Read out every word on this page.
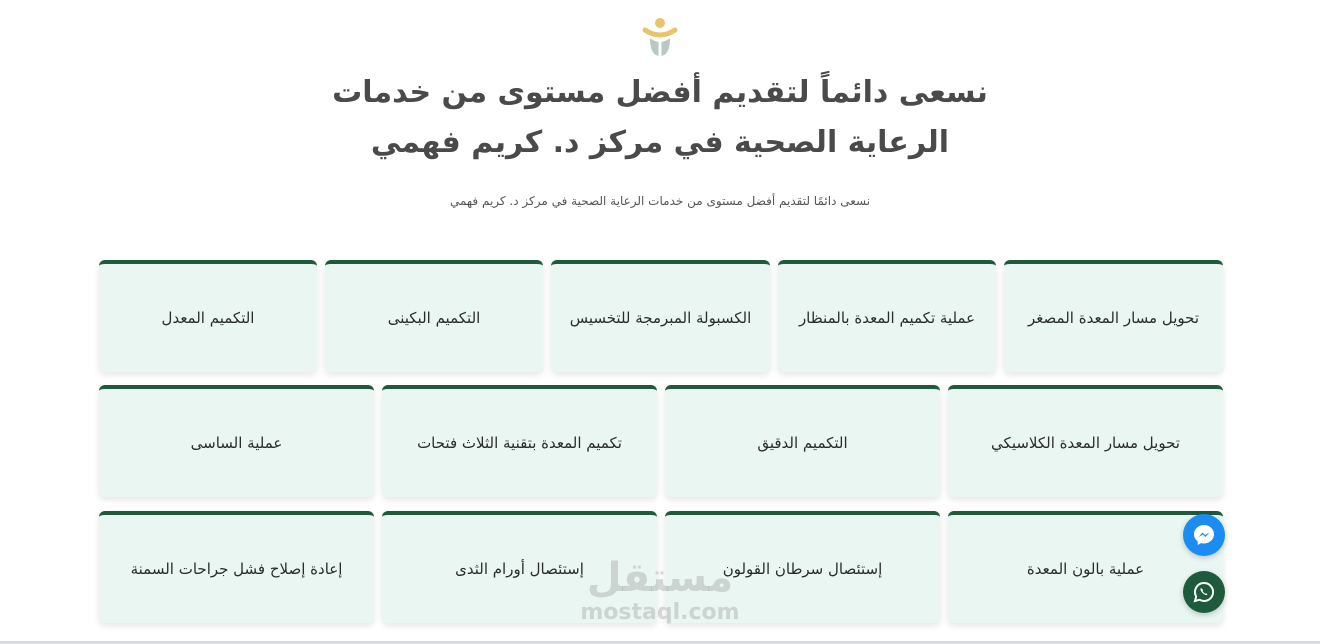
نسعى دائماً لتقديم أفضل مستوى من خدمات
الرعاية الصحية في مركز د. كريم فهمي
نسعى دائمًا لتقديم أفضل مستوى من خدمات الرعاية الصحية في مركز د. كريم فهمي
تحويل مسار المعدة المصغر
عملية تكميم المعدة بالمنظار
الكسبولة المبرمجة للتخسيس
التكميم البكينى
التكميم المعدل
تحويل مسار المعدة الكلاسيكي
التكميم الدقيق
تكميم المعدة بتقنية الثلاث فتحات
عملية الساسى
عملية بالون المعدة
إستئصال سرطان القولون
إستئصال أورام الثدى
إعادة إصلاح فشل جراحات السمنة	مستقل
mostaql.com
